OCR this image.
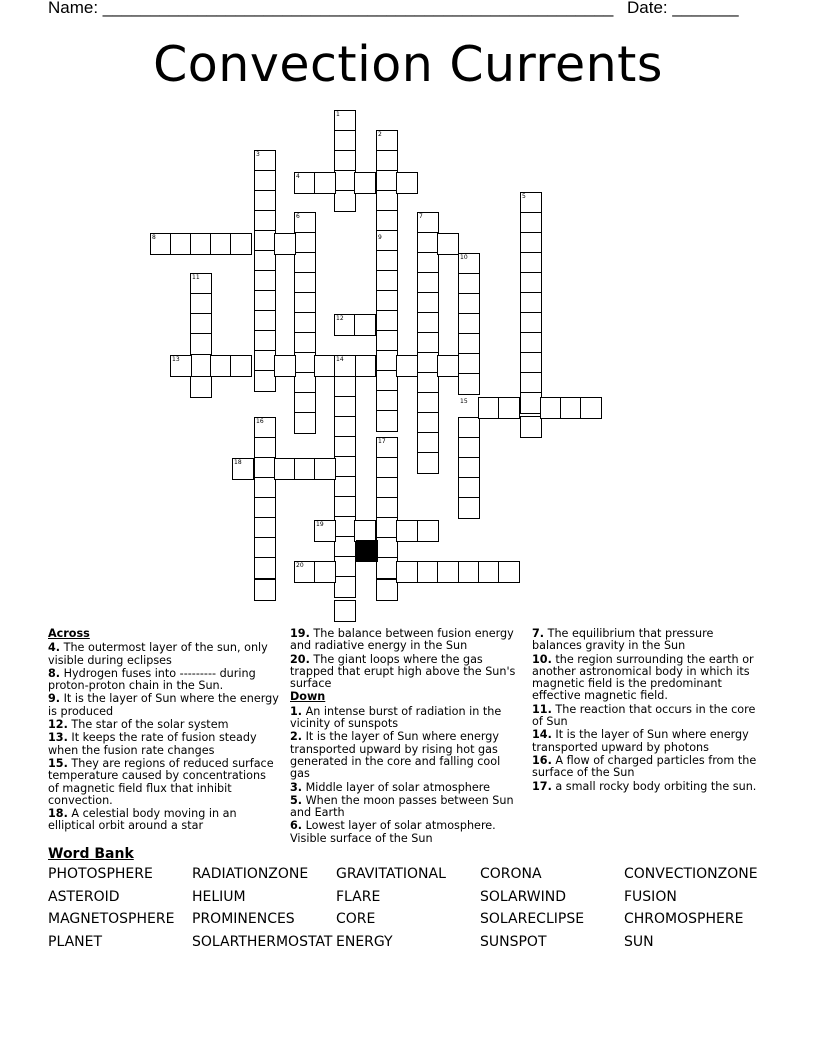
Name: ______________________________________________________ Date: _______
Convection Currents
1
2
3
4
5
6	7
8	9
10
11
12
13	14
15
16
17
18
19
20

Across

4. The outermost layer of the sun, only visible during eclipses

8. Hydrogen fuses into --------- during proton-proton chain in the Sun.

9. It is the layer of Sun where the energy is produced

12. The star of the solar system

13. It keeps the rate of fusion steady when the fusion rate changes

15. They are regions of reduced surface temperature caused by concentrations of magnetic field flux that inhibit convection.

18. A celestial body moving in an elliptical orbit around a star

19. The balance between fusion energy and radiative energy in the Sun

20. The giant loops where the gas trapped that erupt high above the Sun's surface

Down

1. An intense burst of radiation in the vicinity of sunspots

2. It is the layer of Sun where energy transported upward by rising hot gas generated in the core and falling cool gas

3. Middle layer of solar atmosphere

5. When the moon passes between Sun and Earth

6. Lowest layer of solar atmosphere. Visible surface of the Sun

7. The equilibrium that pressure balances gravity in the Sun

10. the region surrounding the earth or another astronomical body in which its magnetic field is the predominant effective magnetic field.

11. The reaction that occurs in the core of Sun

14. It is the layer of Sun where energy transported upward by photons

16. A flow of charged particles from the surface of the Sun

17. a small rocky body orbiting the sun.

Word Bank
PHOTOSPHERE	RADIATIONZONE GRAVITATIONAL CORONA	CONVECTIONZONE
ASTEROID	HELIUM	FLARE	SOLARWIND	FUSION
MAGNETOSPHERE PROMINENCES	CORE	SOLARECLIPSE	CHROMOSPHERE
PLANET	SOLARTHERMOSTAT ENERGY	SUNSPOT	SUN
